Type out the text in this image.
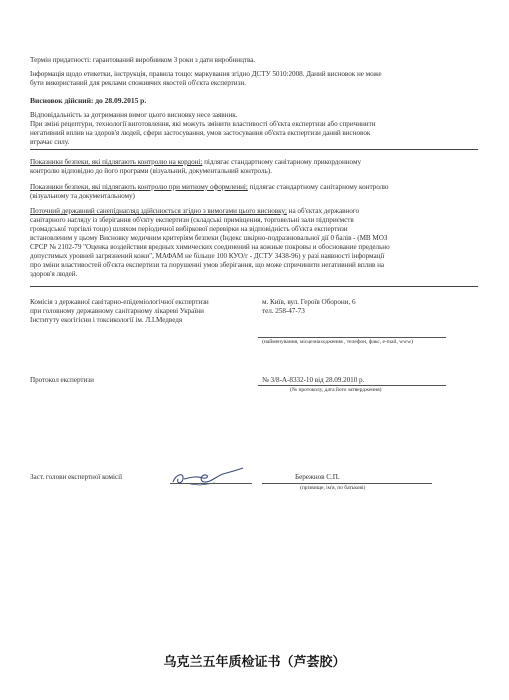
Термін придатності: гарантований виробником 3 роки з дати виробництва.
Інформація щодо етикетки, інструкція, правила тощо: маркування згідно ДСТУ 5010:2008. Даний висновок не може
бути використаний для реклами споживчих якостей об'єкта експертизи.
Висновок дійсний: до 28.09.2015 р.
Відповідальність за дотримання вимог цього висновку несе заявник.
При зміні рецептури, технології виготовлення, які можуть змінити властивості об'єкта експертизи або спричинити
негативний вплив на здоров'я людей, сфери застосування, умов застосування об'єкта експертизи даний висновок
втрачає силу.
Показники безпеки, які підлягають контролю на кордоні; підлягає стандартному санітарному прикордонному
контролю відповідно до його програми (візуальний, документальний контроль).
Показники безпеки, які підлягають контролю при митному оформленні; підлягає стандартному санітарному контролю
(візуальному та документальному)
Поточний державний санепіднагляд здійснюється згідно з вимогами цього висновку; на об'єктах державного
санітарного нагляду із зберігання об'єкту експертизи (складські приміщення, торговельні зали підприємств
громадської торгівлі тощо) шляхом періодичної вибіркової перевірки на відповідність об'єкта експертизи
встановленим у цьому Висновку медичним критеріям безпеки (Індекс шкірно-подразнювальної дії 0 балів - (МВ МОЗ
СРСР № 2102-79 "Оценка воздействия вредных химических соединений на кожные покровы и обоснование предельно
допустимых уровней загрязнений кожи", МАФАМ не більше 100 КУО/г - ДСТУ 3438-96) у разі наявності інформації
про зміни властивостей об'єкта експертизи та порушенні умов зберігання, що може спричинити негативний вплив на
здоров'я людей.
Комісія з державної санітарно-епідеміологічної експертизи
при головному державному санітарному лікареві України
Інституту екогігієни і токсикології ім. Л.І.Медведя
м. Київ, вул. Героїв Оборони, 6
тел. 258-47-73
(найменування, місцезнаходження , телефон, факс, e-mail, www)
Протокол експертизи	№ 3/8-А-8332-10 від 28.09.2010 р.
(№ протоколу, дата його затвердження)
Заст. голови експертної комісії	Бережнов С.П.
(прізвище, ім'я, по батькові)
乌克兰五年质检证书（芦荟胶）
